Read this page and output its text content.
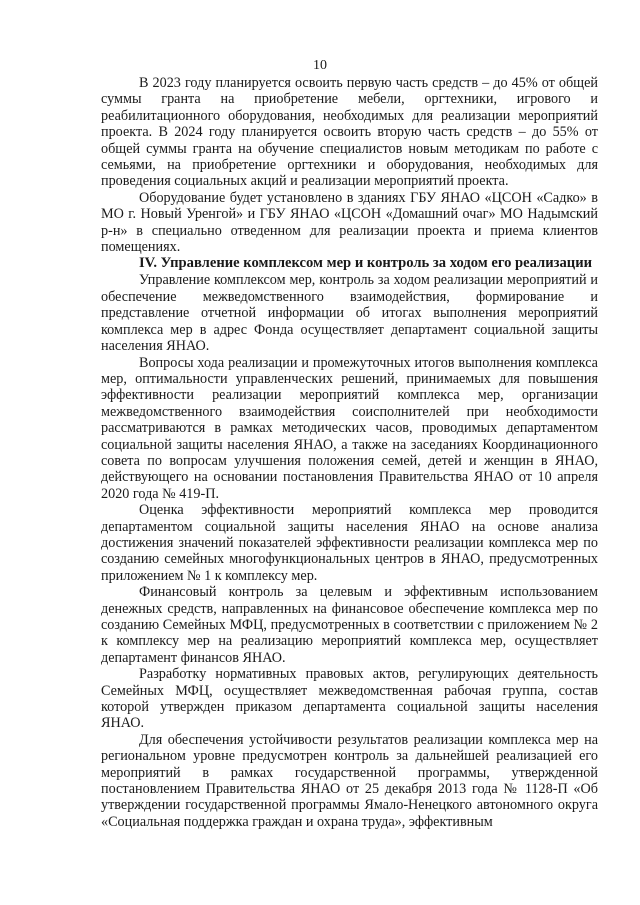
10

В 2023 году планируется освоить первую часть средств – до 45% от общей суммы гранта на приобретение мебели, оргтехники, игрового и реабилитационного оборудования, необходимых для реализации мероприятий проекта. В 2024 году планируется освоить вторую часть средств – до 55% от общей суммы гранта на обучение специалистов новым методикам по работе с семьями, на приобретение оргтехники и оборудования, необходимых для проведения социальных акций и реализации мероприятий проекта.

Оборудование будет установлено в зданиях ГБУ ЯНАО «ЦСОН «Садко» в МО г. Новый Уренгой» и ГБУ ЯНАО «ЦСОН «Домашний очаг» МО Надымский р-н» в специально отведенном для реализации проекта и приема клиентов помещениях.

IV. Управление комплексом мер и контроль за ходом его реализации

Управление комплексом мер, контроль за ходом реализации мероприятий и обеспечение межведомственного взаимодействия, формирование и представление отчетной информации об итогах выполнения мероприятий комплекса мер в адрес Фонда осуществляет департамент социальной защиты населения ЯНАО.

Вопросы хода реализации и промежуточных итогов выполнения комплекса мер, оптимальности управленческих решений, принимаемых для повышения эффективности реализации мероприятий комплекса мер, организации межведомственного взаимодействия соисполнителей при необходимости рассматриваются в рамках методических часов, проводимых департаментом социальной защиты населения ЯНАО, а также на заседаниях Координационного совета по вопросам улучшения положения семей, детей и женщин в ЯНАО, действующего на основании постановления Правительства ЯНАО от 10 апреля 2020 года № 419-П.

Оценка эффективности мероприятий комплекса мер проводится департаментом социальной защиты населения ЯНАО на основе анализа достижения значений показателей эффективности реализации комплекса мер по созданию семейных многофункциональных центров в ЯНАО, предусмотренных приложением № 1 к комплексу мер.

Финансовый контроль за целевым и эффективным использованием денежных средств, направленных на финансовое обеспечение комплекса мер по созданию Семейных МФЦ, предусмотренных в соответствии с приложением № 2 к комплексу мер на реализацию мероприятий комплекса мер, осуществляет департамент финансов ЯНАО.

Разработку нормативных правовых актов, регулирующих деятельность Семейных МФЦ, осуществляет межведомственная рабочая группа, состав которой утвержден приказом департамента социальной защиты населения ЯНАО.

Для обеспечения устойчивости результатов реализации комплекса мер на региональном уровне предусмотрен контроль за дальнейшей реализацией его мероприятий в рамках государственной программы, утвержденной постановлением Правительства ЯНАО от 25 декабря 2013 года № 1128-П «Об утверждении государственной программы Ямало-Ненецкого автономного округа «Социальная поддержка граждан и охрана труда», эффективным
